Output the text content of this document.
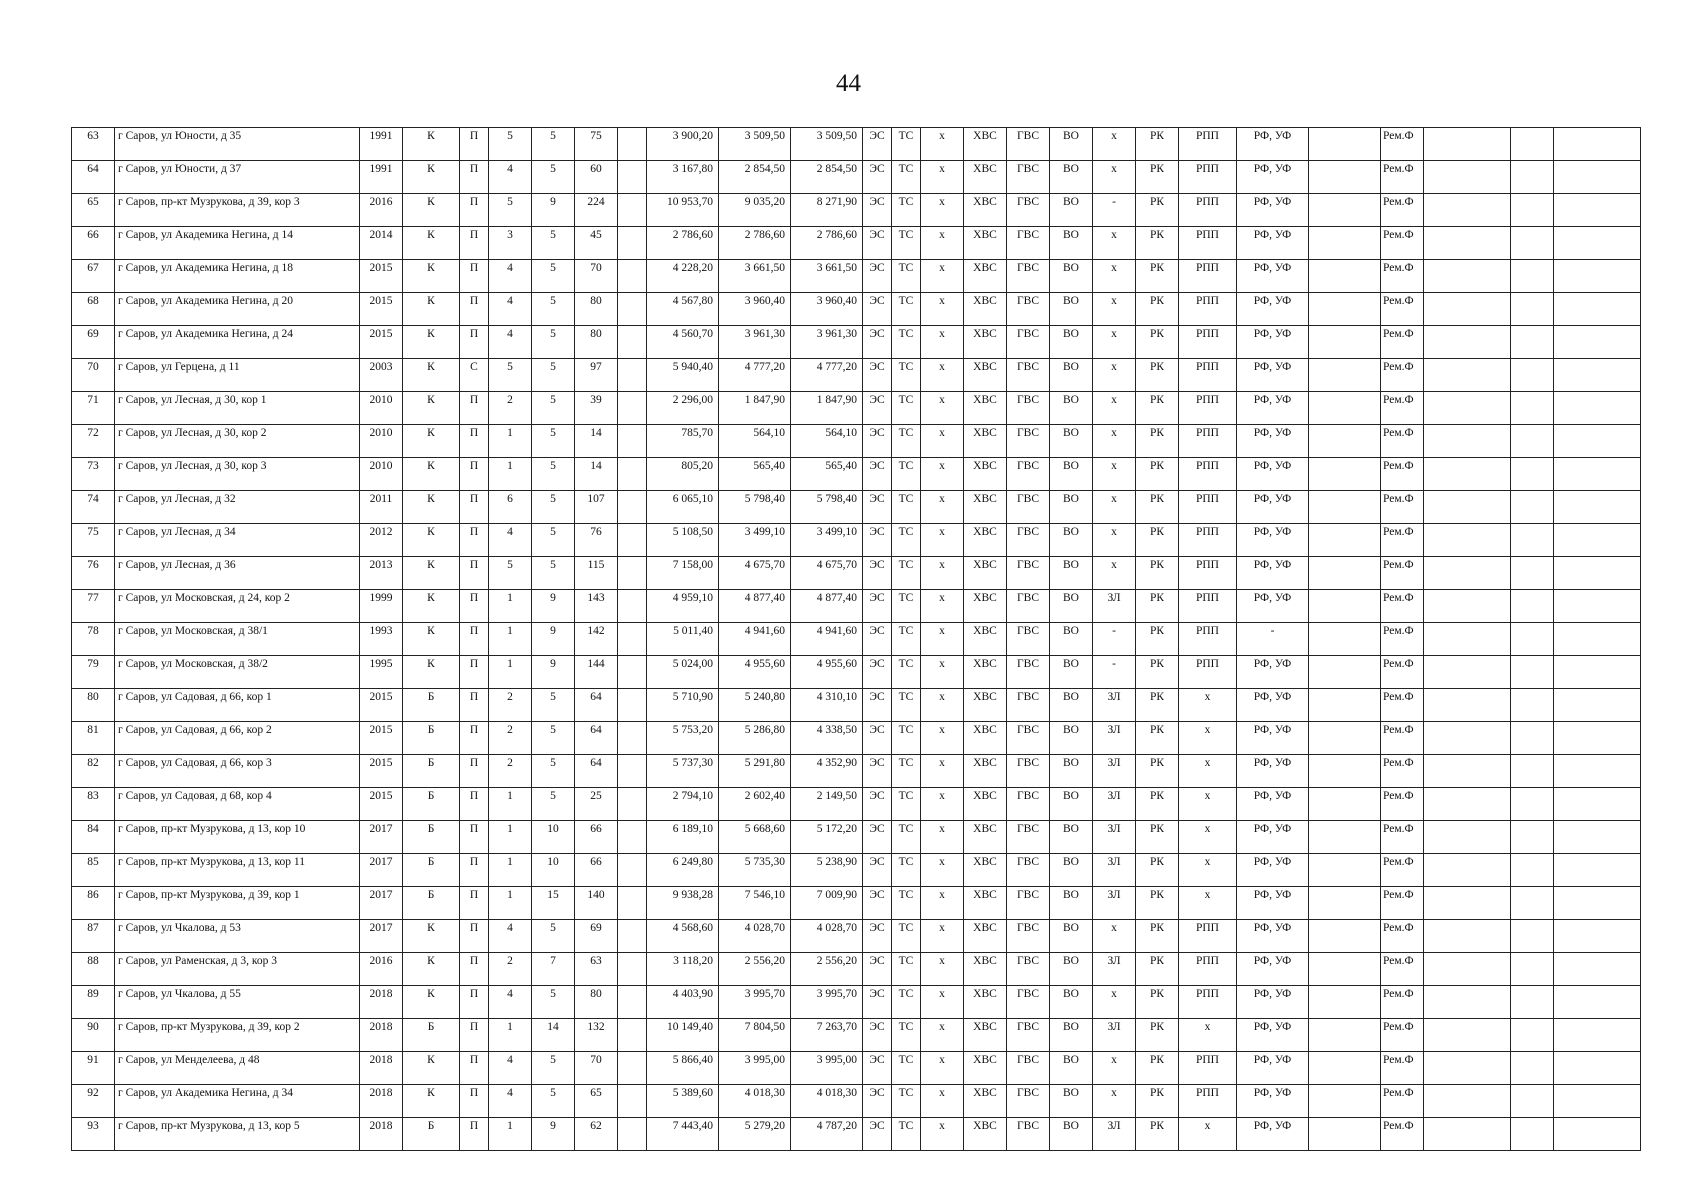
44
63	г Саров, ул Юности, д 35	1991	К	П	5	5	75		3 900,20	3 509,50	3 509,50	ЭС	ТС	х	ХВС	ГВС	ВО	х	РК	РПП	РФ, УФ		Рем.Ф			
64	г Саров, ул Юности, д 37	1991	К	П	4	5	60		3 167,80	2 854,50	2 854,50	ЭС	ТС	х	ХВС	ГВС	ВО	х	РК	РПП	РФ, УФ		Рем.Ф			
65	г Саров, пр-кт Музрукова, д 39, кор 3	2016	К	П	5	9	224		10 953,70	9 035,20	8 271,90	ЭС	ТС	х	ХВС	ГВС	ВО	-	РК	РПП	РФ, УФ		Рем.Ф			
66	г Саров, ул Академика Негина, д 14	2014	К	П	3	5	45		2 786,60	2 786,60	2 786,60	ЭС	ТС	х	ХВС	ГВС	ВО	х	РК	РПП	РФ, УФ		Рем.Ф			
67	г Саров, ул Академика Негина, д 18	2015	К	П	4	5	70		4 228,20	3 661,50	3 661,50	ЭС	ТС	х	ХВС	ГВС	ВО	х	РК	РПП	РФ, УФ		Рем.Ф			
68	г Саров, ул Академика Негина, д 20	2015	К	П	4	5	80		4 567,80	3 960,40	3 960,40	ЭС	ТС	х	ХВС	ГВС	ВО	х	РК	РПП	РФ, УФ		Рем.Ф			
69	г Саров, ул Академика Негина, д 24	2015	К	П	4	5	80		4 560,70	3 961,30	3 961,30	ЭС	ТС	х	ХВС	ГВС	ВО	х	РК	РПП	РФ, УФ		Рем.Ф			
70	г Саров, ул Герцена, д 11	2003	К	С	5	5	97		5 940,40	4 777,20	4 777,20	ЭС	ТС	х	ХВС	ГВС	ВО	х	РК	РПП	РФ, УФ		Рем.Ф			
71	г Саров, ул Лесная, д 30, кор 1	2010	К	П	2	5	39		2 296,00	1 847,90	1 847,90	ЭС	ТС	х	ХВС	ГВС	ВО	х	РК	РПП	РФ, УФ		Рем.Ф			
72	г Саров, ул Лесная, д 30, кор 2	2010	К	П	1	5	14		785,70	564,10	564,10	ЭС	ТС	х	ХВС	ГВС	ВО	х	РК	РПП	РФ, УФ		Рем.Ф			
73	г Саров, ул Лесная, д 30, кор 3	2010	К	П	1	5	14		805,20	565,40	565,40	ЭС	ТС	х	ХВС	ГВС	ВО	х	РК	РПП	РФ, УФ		Рем.Ф			
74	г Саров, ул Лесная, д 32	2011	К	П	6	5	107		6 065,10	5 798,40	5 798,40	ЭС	ТС	х	ХВС	ГВС	ВО	х	РК	РПП	РФ, УФ		Рем.Ф			
75	г Саров, ул Лесная, д 34	2012	К	П	4	5	76		5 108,50	3 499,10	3 499,10	ЭС	ТС	х	ХВС	ГВС	ВО	х	РК	РПП	РФ, УФ		Рем.Ф			
76	г Саров, ул Лесная, д 36	2013	К	П	5	5	115		7 158,00	4 675,70	4 675,70	ЭС	ТС	х	ХВС	ГВС	ВО	х	РК	РПП	РФ, УФ		Рем.Ф			
77	г Саров, ул Московская, д 24, кор 2	1999	К	П	1	9	143		4 959,10	4 877,40	4 877,40	ЭС	ТС	х	ХВС	ГВС	ВО	ЗЛ	РК	РПП	РФ, УФ		Рем.Ф			
78	г Саров, ул Московская, д 38/1	1993	К	П	1	9	142		5 011,40	4 941,60	4 941,60	ЭС	ТС	х	ХВС	ГВС	ВО	-	РК	РПП	-		Рем.Ф			
79	г Саров, ул Московская, д 38/2	1995	К	П	1	9	144		5 024,00	4 955,60	4 955,60	ЭС	ТС	х	ХВС	ГВС	ВО	-	РК	РПП	РФ, УФ		Рем.Ф			
80	г Саров, ул Садовая, д 66, кор 1	2015	Б	П	2	5	64		5 710,90	5 240,80	4 310,10	ЭС	ТС	х	ХВС	ГВС	ВО	ЗЛ	РК	х	РФ, УФ		Рем.Ф			
81	г Саров, ул Садовая, д 66, кор 2	2015	Б	П	2	5	64		5 753,20	5 286,80	4 338,50	ЭС	ТС	х	ХВС	ГВС	ВО	ЗЛ	РК	х	РФ, УФ		Рем.Ф			
82	г Саров, ул Садовая, д 66, кор 3	2015	Б	П	2	5	64		5 737,30	5 291,80	4 352,90	ЭС	ТС	х	ХВС	ГВС	ВО	ЗЛ	РК	х	РФ, УФ		Рем.Ф			
83	г Саров, ул Садовая, д 68, кор 4	2015	Б	П	1	5	25		2 794,10	2 602,40	2 149,50	ЭС	ТС	х	ХВС	ГВС	ВО	ЗЛ	РК	х	РФ, УФ		Рем.Ф			
84	г Саров, пр-кт Музрукова, д 13, кор 10	2017	Б	П	1	10	66		6 189,10	5 668,60	5 172,20	ЭС	ТС	х	ХВС	ГВС	ВО	ЗЛ	РК	х	РФ, УФ		Рем.Ф			
85	г Саров, пр-кт Музрукова, д 13, кор 11	2017	Б	П	1	10	66		6 249,80	5 735,30	5 238,90	ЭС	ТС	х	ХВС	ГВС	ВО	ЗЛ	РК	х	РФ, УФ		Рем.Ф			
86	г Саров, пр-кт Музрукова, д 39, кор 1	2017	Б	П	1	15	140		9 938,28	7 546,10	7 009,90	ЭС	ТС	х	ХВС	ГВС	ВО	ЗЛ	РК	х	РФ, УФ		Рем.Ф			
87	г Саров, ул Чкалова, д 53	2017	К	П	4	5	69		4 568,60	4 028,70	4 028,70	ЭС	ТС	х	ХВС	ГВС	ВО	х	РК	РПП	РФ, УФ		Рем.Ф			
88	г Саров, ул Раменская, д 3, кор 3	2016	К	П	2	7	63		3 118,20	2 556,20	2 556,20	ЭС	ТС	х	ХВС	ГВС	ВО	ЗЛ	РК	РПП	РФ, УФ		Рем.Ф			
89	г Саров, ул Чкалова, д 55	2018	К	П	4	5	80		4 403,90	3 995,70	3 995,70	ЭС	ТС	х	ХВС	ГВС	ВО	х	РК	РПП	РФ, УФ		Рем.Ф			
90	г Саров, пр-кт Музрукова, д 39, кор 2	2018	Б	П	1	14	132		10 149,40	7 804,50	7 263,70	ЭС	ТС	х	ХВС	ГВС	ВО	ЗЛ	РК	х	РФ, УФ		Рем.Ф			
91	г Саров, ул Менделеева, д 48	2018	К	П	4	5	70		5 866,40	3 995,00	3 995,00	ЭС	ТС	х	ХВС	ГВС	ВО	х	РК	РПП	РФ, УФ		Рем.Ф			
92	г Саров, ул Академика Негина, д 34	2018	К	П	4	5	65		5 389,60	4 018,30	4 018,30	ЭС	ТС	х	ХВС	ГВС	ВО	х	РК	РПП	РФ, УФ		Рем.Ф			
93	г Саров, пр-кт Музрукова, д 13, кор 5	2018	Б	П	1	9	62		7 443,40	5 279,20	4 787,20	ЭС	ТС	х	ХВС	ГВС	ВО	ЗЛ	РК	х	РФ, УФ		Рем.Ф			
